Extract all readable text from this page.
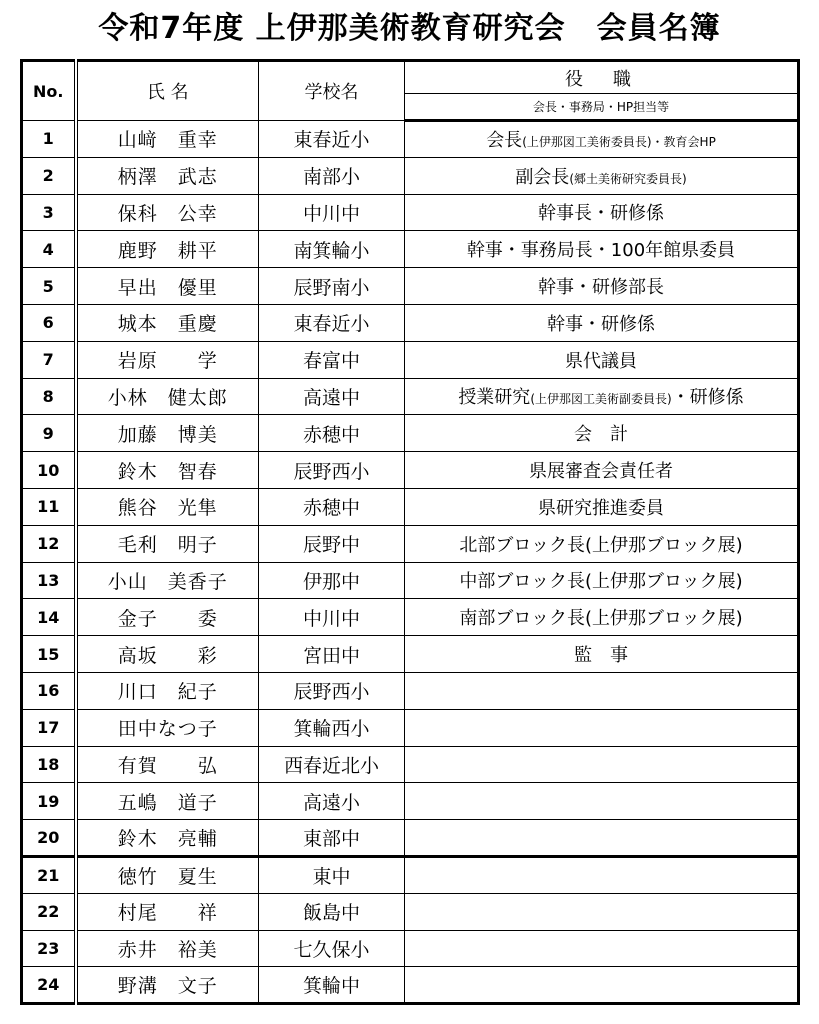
令和7年度 上伊那美術教育研究会　会員名簿
No.	氏 名	学校名	役　職
			会長・事務局・HP担当等
1	山﨑　重幸	東春近小	会長(上伊那図工美術委員長)・教育会HP
2	柄澤　武志	南部小	副会長(郷土美術研究委員長)
3	保科　公幸	中川中	幹事長・研修係
4	鹿野　耕平	南箕輪小	幹事・事務局長・100年館県委員
5	早出　優里	辰野南小	幹事・研修部長
6	城本　重慶	東春近小	幹事・研修係
7	岩原　　学	春富中	県代議員
8	小林　健太郎	高遠中	授業研究(上伊那図工美術副委員長)・研修係
9	加藤　博美	赤穂中	会　計
10	鈴木　智春	辰野西小	県展審査会責任者
11	熊谷　光隼	赤穂中	県研究推進委員
12	毛利　明子	辰野中	北部ブロック長(上伊那ブロック展)
13	小山　美香子	伊那中	中部ブロック長(上伊那ブロック展)
14	金子　　委	中川中	南部ブロック長(上伊那ブロック展)
15	高坂　　彩	宮田中	監　事
16	川口　紀子	辰野西小	
17	田中なつ子	箕輪西小	
18	有賀　　弘	西春近北小	
19	五嶋　道子	高遠小	
20	鈴木　亮輔	東部中	
21	徳竹　夏生	東中	
22	村尾　　祥	飯島中	
23	赤井　裕美	七久保小	
24	野溝　文子	箕輪中	
